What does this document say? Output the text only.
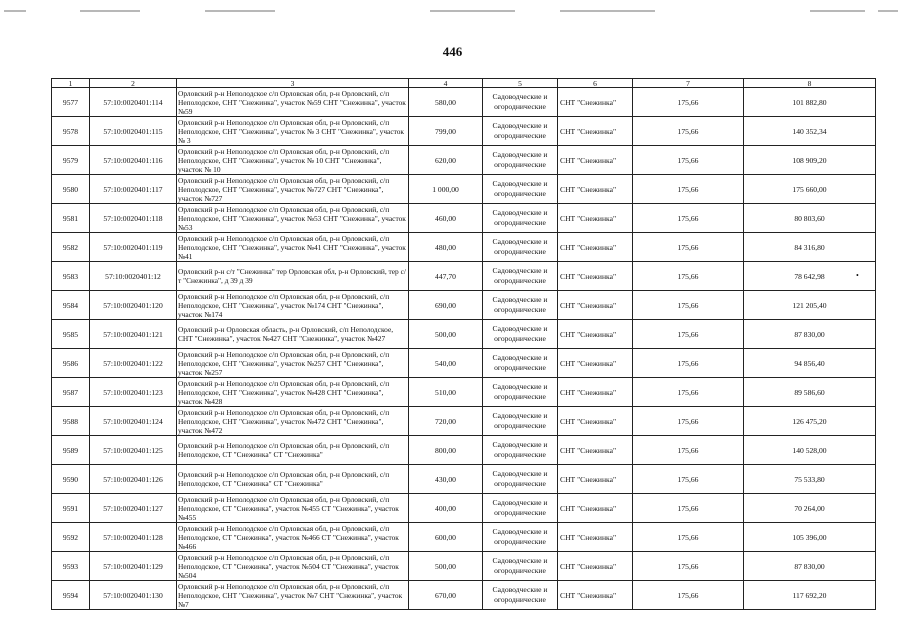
446
1	2	3	4	5	6	7	8
9577	57:10:0020401:114	Орловский р-н Неполодское с/п Орловская обл, р-н Орловский, с/п Неполодское, СНТ "Снежинка", участок №59 СНТ "Снежинка", участок №59	580,00	Садоводческие и огороднические	СНТ "Снежинка"	175,66	101 882,80
9578	57:10:0020401:115	Орловский р-н Неполодское с/п Орловская обл, р-н Орловский, с/п Неполодское, СНТ "Снежинка", участок № 3 СНТ "Снежинка", участок № 3	799,00	Садоводческие и огороднические	СНТ "Снежинка"	175,66	140 352,34
9579	57:10:0020401:116	Орловский р-н Неполодское с/п Орловская обл, р-н Орловский, с/п Неполодское, СНТ "Снежинка", участок № 10 СНТ "Снежинка", участок № 10	620,00	Садоводческие и огороднические	СНТ "Снежинка"	175,66	108 909,20
9580	57:10:0020401:117	Орловский р-н Неполодское с/п Орловская обл, р-н Орловский, с/п Неполодское, СНТ "Снежинка", участок №727 СНТ "Снежинка", участок №727	1 000,00	Садоводческие и огороднические	СНТ "Снежинка"	175,66	175 660,00
9581	57:10:0020401:118	Орловский р-н Неполодское с/п Орловская обл, р-н Орловский, с/п Неполодское, СНТ "Снежинка", участок №53 СНТ "Снежинка", участок №53	460,00	Садоводческие и огороднические	СНТ "Снежинка"	175,66	80 803,60
9582	57:10:0020401:119	Орловский р-н Неполодское с/п Орловская обл, р-н Орловский, с/п Неполодское, СНТ "Снежинка", участок №41 СНТ "Снежинка", участок №41	480,00	Садоводческие и огороднические	СНТ "Снежинка"	175,66	84 316,80
9583	57:10:0020401:12	Орловский р-н с/т "Снежинка" тер Орловская обл, р-н Орловский, тер с/т "Снежинка", д 39 д 39	447,70	Садоводческие и огороднические	СНТ "Снежинка"	175,66	78 642,98
9584	57:10:0020401:120	Орловский р-н Неполодское с/п Орловская обл, р-н Орловский, с/п Неполодское, СНТ "Снежинка", участок №174 СНТ "Снежинка", участок №174	690,00	Садоводческие и огороднические	СНТ "Снежинка"	175,66	121 205,40
9585	57:10:0020401:121	Орловский р-н Орловская область, р-н Орловский, с/п Неполодское, СНТ "Снежинка", участок №427 СНТ "Снежинка", участок №427	500,00	Садоводческие и огороднические	СНТ "Снежинка"	175,66	87 830,00
9586	57:10:0020401:122	Орловский р-н Неполодское с/п Орловская обл, р-н Орловский, с/п Неполодское, СНТ "Снежинка", участок №257 СНТ "Снежинка", участок №257	540,00	Садоводческие и огороднические	СНТ "Снежинка"	175,66	94 856,40
9587	57:10:0020401:123	Орловский р-н Неполодское с/п Орловская обл, р-н Орловский, с/п Неполодское, СНТ "Снежинка", участок №428 СНТ "Снежинка", участок №428	510,00	Садоводческие и огороднические	СНТ "Снежинка"	175,66	89 586,60
9588	57:10:0020401:124	Орловский р-н Неполодское с/п Орловская обл, р-н Орловский, с/п Неполодское, СНТ "Снежинка", участок №472 СНТ "Снежинка", участок №472	720,00	Садоводческие и огороднические	СНТ "Снежинка"	175,66	126 475,20
9589	57:10:0020401:125	Орловский р-н Неполодское с/п Орловская обл, р-н Орловский, с/п Неполодское, СТ "Снежинка" СТ "Снежинка"	800,00	Садоводческие и огороднические	СНТ "Снежинка"	175,66	140 528,00
9590	57:10:0020401:126	Орловский р-н Неполодское с/п Орловская обл, р-н Орловский, с/п Неполодское, СТ "Снежинка" СТ "Снежинка"	430,00	Садоводческие и огороднические	СНТ "Снежинка"	175,66	75 533,80
9591	57:10:0020401:127	Орловский р-н Неполодское с/п Орловская обл, р-н Орловский, с/п Неполодское, СТ "Снежинка", участок №455 СТ "Снежинка", участок №455	400,00	Садоводческие и огороднические	СНТ "Снежинка"	175,66	70 264,00
9592	57:10:0020401:128	Орловский р-н Неполодское с/п Орловская обл, р-н Орловский, с/п Неполодское, СТ "Снежинка", участок №466 СТ "Снежинка", участок №466	600,00	Садоводческие и огороднические	СНТ "Снежинка"	175,66	105 396,00
9593	57:10:0020401:129	Орловский р-н Неполодское с/п Орловская обл, р-н Орловский, с/п Неполодское, СТ "Снежинка", участок №504 СТ "Снежинка", участок №504	500,00	Садоводческие и огороднические	СНТ "Снежинка"	175,66	87 830,00
9594	57:10:0020401:130	Орловский р-н Неполодское с/п Орловская обл, р-н Орловский, с/п Неполодское, СНТ "Снежинка", участок №7 СНТ "Снежинка", участок №7	670,00	Садоводческие и огороднические	СНТ "Снежинка"	175,66	117 692,20
•
